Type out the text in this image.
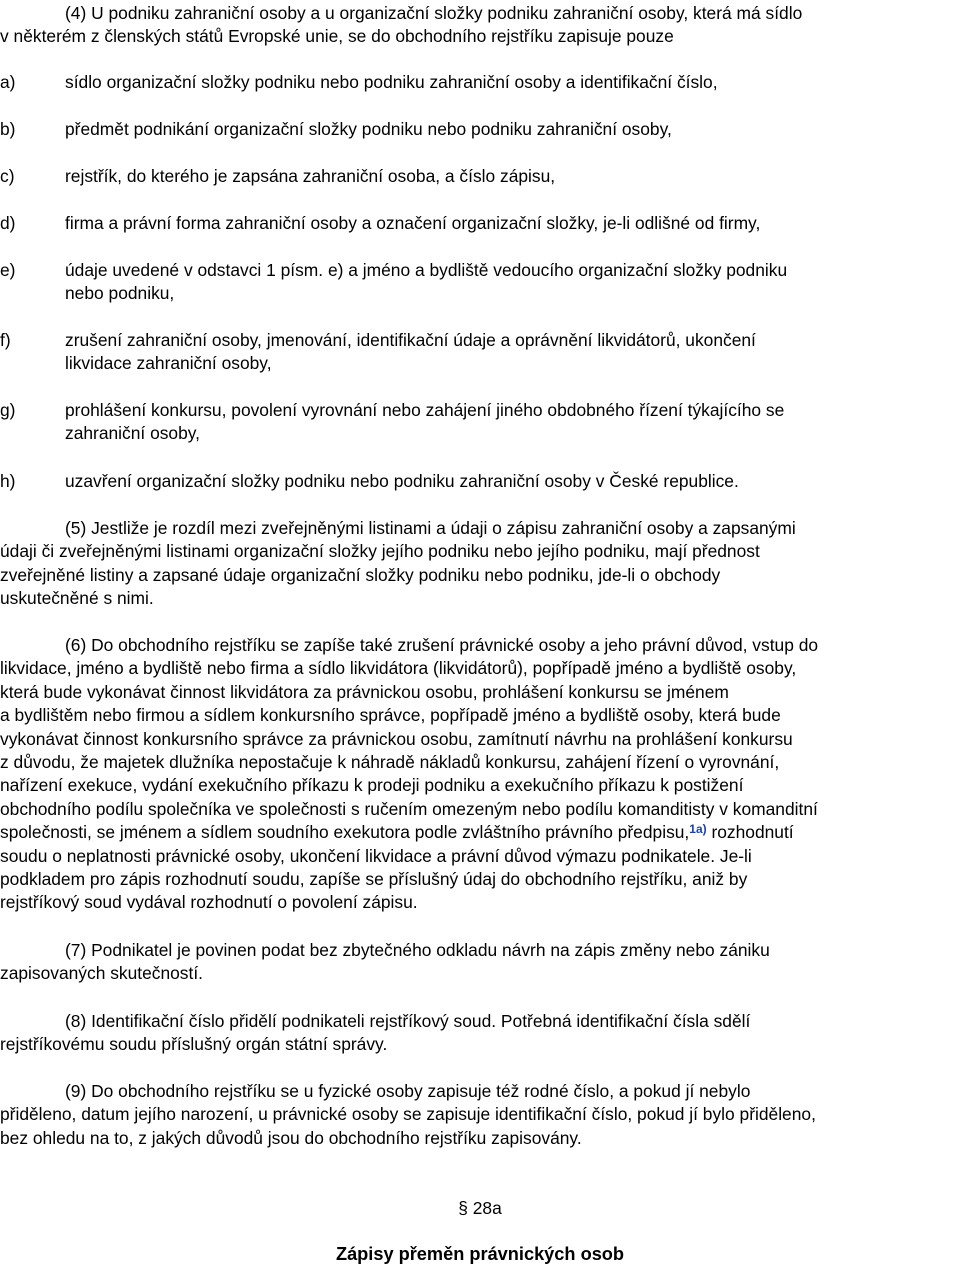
(4) U podniku zahraniční osoby a u organizační složky podniku zahraniční osoby, která má sídlo
v některém z členských států Evropské unie, se do obchodního rejstříku zapisuje pouze
a)	sídlo organizační složky podniku nebo podniku zahraniční osoby a identifikační číslo,
b)	předmět podnikání organizační složky podniku nebo podniku zahraniční osoby,
c)	rejstřík, do kterého je zapsána zahraniční osoba, a číslo zápisu,
d)	firma a právní forma zahraniční osoby a označení organizační složky, je-li odlišné od firmy,
e)	údaje uvedené v odstavci 1 písm. e) a jméno a bydliště vedoucího organizační složky podniku
nebo podniku,
f)	zrušení zahraniční osoby, jmenování, identifikační údaje a oprávnění likvidátorů, ukončení
likvidace zahraniční osoby,
g)	prohlášení konkursu, povolení vyrovnání nebo zahájení jiného obdobného řízení týkajícího se
zahraniční osoby,
h)	uzavření organizační složky podniku nebo podniku zahraniční osoby v České republice.
(5) Jestliže je rozdíl mezi zveřejněnými listinami a údaji o zápisu zahraniční osoby a zapsanými
údaji či zveřejněnými listinami organizační složky jejího podniku nebo jejího podniku, mají přednost
zveřejněné listiny a zapsané údaje organizační složky podniku nebo podniku, jde-li o obchody
uskutečněné s nimi.
(6) Do obchodního rejstříku se zapíše také zrušení právnické osoby a jeho právní důvod, vstup do
likvidace, jméno a bydliště nebo firma a sídlo likvidátora (likvidátorů), popřípadě jméno a bydliště osoby,
která bude vykonávat činnost likvidátora za právnickou osobu, prohlášení konkursu se jménem
a bydlištěm nebo firmou a sídlem konkursního správce, popřípadě jméno a bydliště osoby, která bude
vykonávat činnost konkursního správce za právnickou osobu, zamítnutí návrhu na prohlášení konkursu
z důvodu, že majetek dlužníka nepostačuje k náhradě nákladů konkursu, zahájení řízení o vyrovnání,
nařízení exekuce, vydání exekučního příkazu k prodeji podniku a exekučního příkazu k postižení
obchodního podílu společníka ve společnosti s ručením omezeným nebo podílu komanditisty v komanditní
společnosti, se jménem a sídlem soudního exekutora podle zvláštního právního předpisu,$^{1a)}$ rozhodnutí
soudu o neplatnosti právnické osoby, ukončení likvidace a právní důvod výmazu podnikatele. Je-li
podkladem pro zápis rozhodnutí soudu, zapíše se příslušný údaj do obchodního rejstříku, aniž by
rejstříkový soud vydával rozhodnutí o povolení zápisu.
(7) Podnikatel je povinen podat bez zbytečného odkladu návrh na zápis změny nebo zániku
zapisovaných skutečností.
(8) Identifikační číslo přidělí podnikateli rejstříkový soud. Potřebná identifikační čísla sdělí
rejstříkovému soudu příslušný orgán státní správy.
(9) Do obchodního rejstříku se u fyzické osoby zapisuje též rodné číslo, a pokud jí nebylo
přiděleno, datum jejího narození, u právnické osoby se zapisuje identifikační číslo, pokud jí bylo přiděleno,
bez ohledu na to, z jakých důvodů jsou do obchodního rejstříku zapisovány.
§ 28a
Zápisy přeměn právnických osob
